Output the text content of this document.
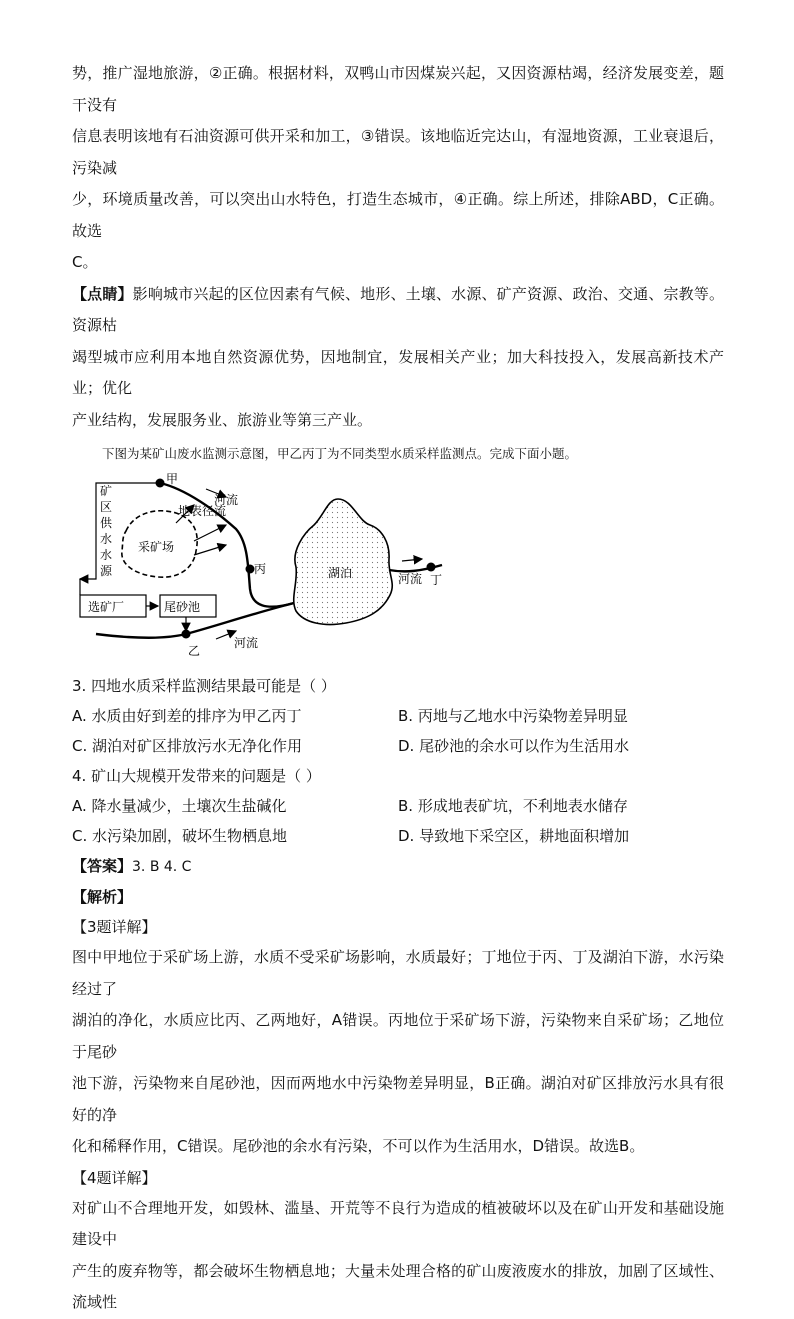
势，推广湿地旅游，②正确。根据材料，双鸭山市因煤炭兴起，又因资源枯竭，经济发展变差，题干没有
信息表明该地有石油资源可供开采和加工，③错误。该地临近完达山，有湿地资源，工业衰退后，污染减
少，环境质量改善，可以突出山水特色，打造生态城市，④正确。综上所述，排除ABD，C正确。故选
C。

【点睛】影响城市兴起的区位因素有气候、地形、土壤、水源、矿产资源、政治、交通、宗教等。资源枯
竭型城市应利用本地自然资源优势，因地制宜，发展相关产业；加大科技投入，发展高新技术产业；优化
产业结构，发展服务业、旅游业等第三产业。

下图为某矿山废水监测示意图，甲乙丙丁为不同类型水质采样监测点。完成下面小题。
甲
丙
乙
丁
河流
河流
河流
地表径流
采矿场
湖泊
选矿厂	尾砂池
矿
区
供
水
水
源
3. 四地水质采样监测结果最可能是（ ）
A. 水质由好到差的排序为甲乙丙丁	B. 丙地与乙地水中污染物差异明显
C. 湖泊对矿区排放污水无净化作用	D. 尾砂池的余水可以作为生活用水
4. 矿山大规模开发带来的问题是（ ）
A. 降水量减少，土壤次生盐碱化	B. 形成地表矿坑，不利地表水储存
C. 水污染加剧，破坏生物栖息地	D. 导致地下采空区，耕地面积增加
【答案】3. B 4. C
【解析】
【3题详解】

图中甲地位于采矿场上游，水质不受采矿场影响，水质最好；丁地位于丙、丁及湖泊下游，水污染经过了
湖泊的净化，水质应比丙、乙两地好，A错误。丙地位于采矿场下游，污染物来自采矿场；乙地位于尾砂
池下游，污染物来自尾砂池，因而两地水中污染物差异明显，B正确。湖泊对矿区排放污水具有很好的净
化和稀释作用，C错误。尾砂池的余水有污染，不可以作为生活用水，D错误。故选B。

【4题详解】

对矿山不合理地开发，如毁林、滥垦、开荒等不良行为造成的植被破坏以及在矿山开发和基础设施建设中
产生的废弃物等，都会破坏生物栖息地；大量未处理合格的矿山废液废水的排放，加剧了区域性、流域性
